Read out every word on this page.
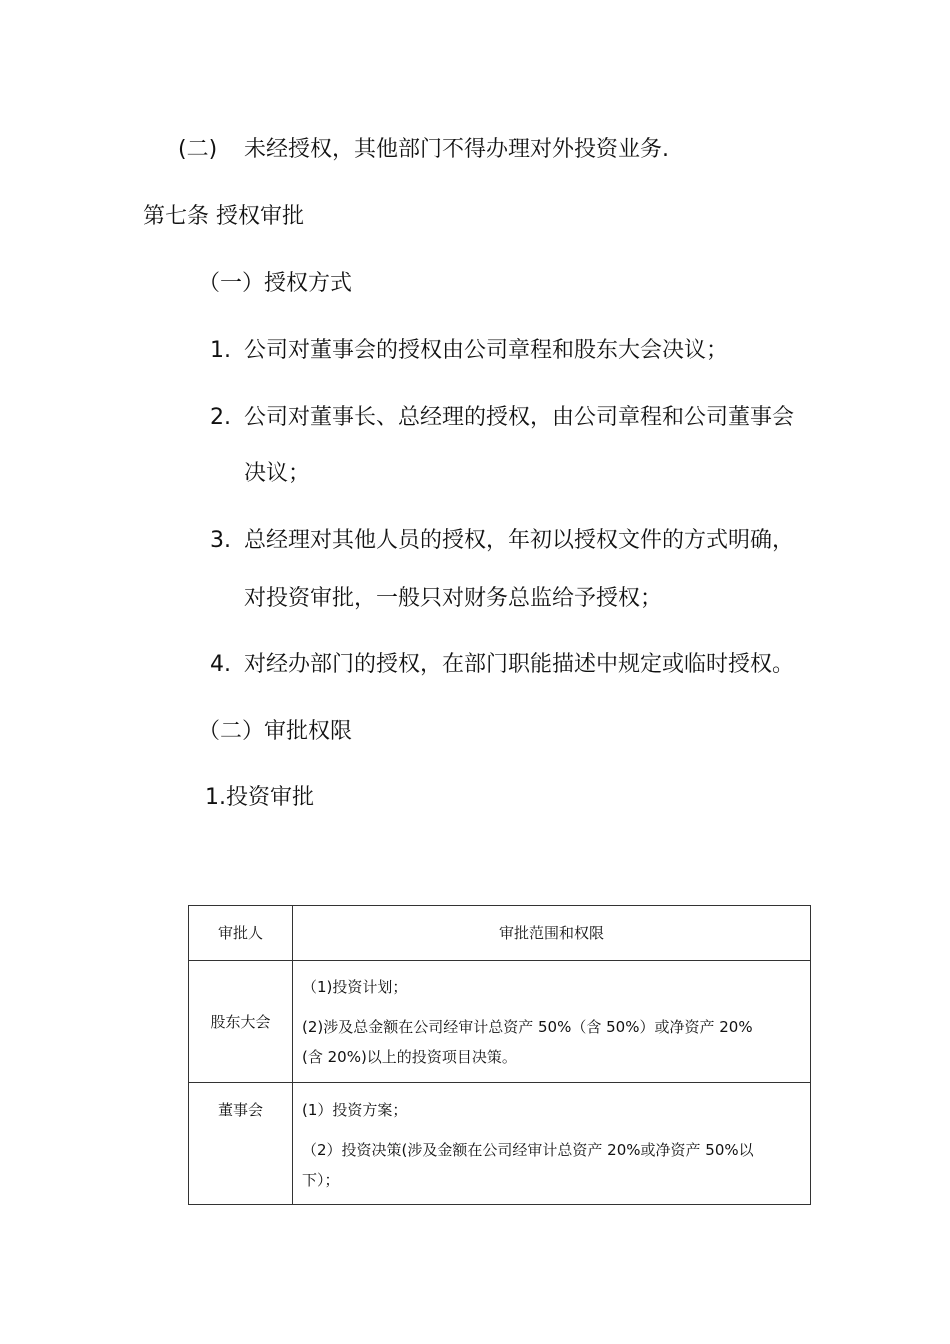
(二) 未经授权，其他部门不得办理对外投资业务.
第七条 授权审批
（一）授权方式
1. 公司对董事会的授权由公司章程和股东大会决议；
2. 公司对董事长、总经理的授权，由公司章程和公司董事会
决议；
3. 总经理对其他人员的授权，年初以授权文件的方式明确，
对投资审批，一般只对财务总监给予授权；
4. 对经办部门的授权，在部门职能描述中规定或临时授权。
（二）审批权限
1.投资审批
审批人	审批范围和权限
股东大会	（1)投资计划；

(2)涉及总金额在公司经审计总资产 50%（含 50%）或净资产 20%

(含 20%)以上的投资项目决策。

董事会	(1）投资方案；

（2）投资决策(涉及金额在公司经审计总资产 20%或净资产 50%以

下）；
